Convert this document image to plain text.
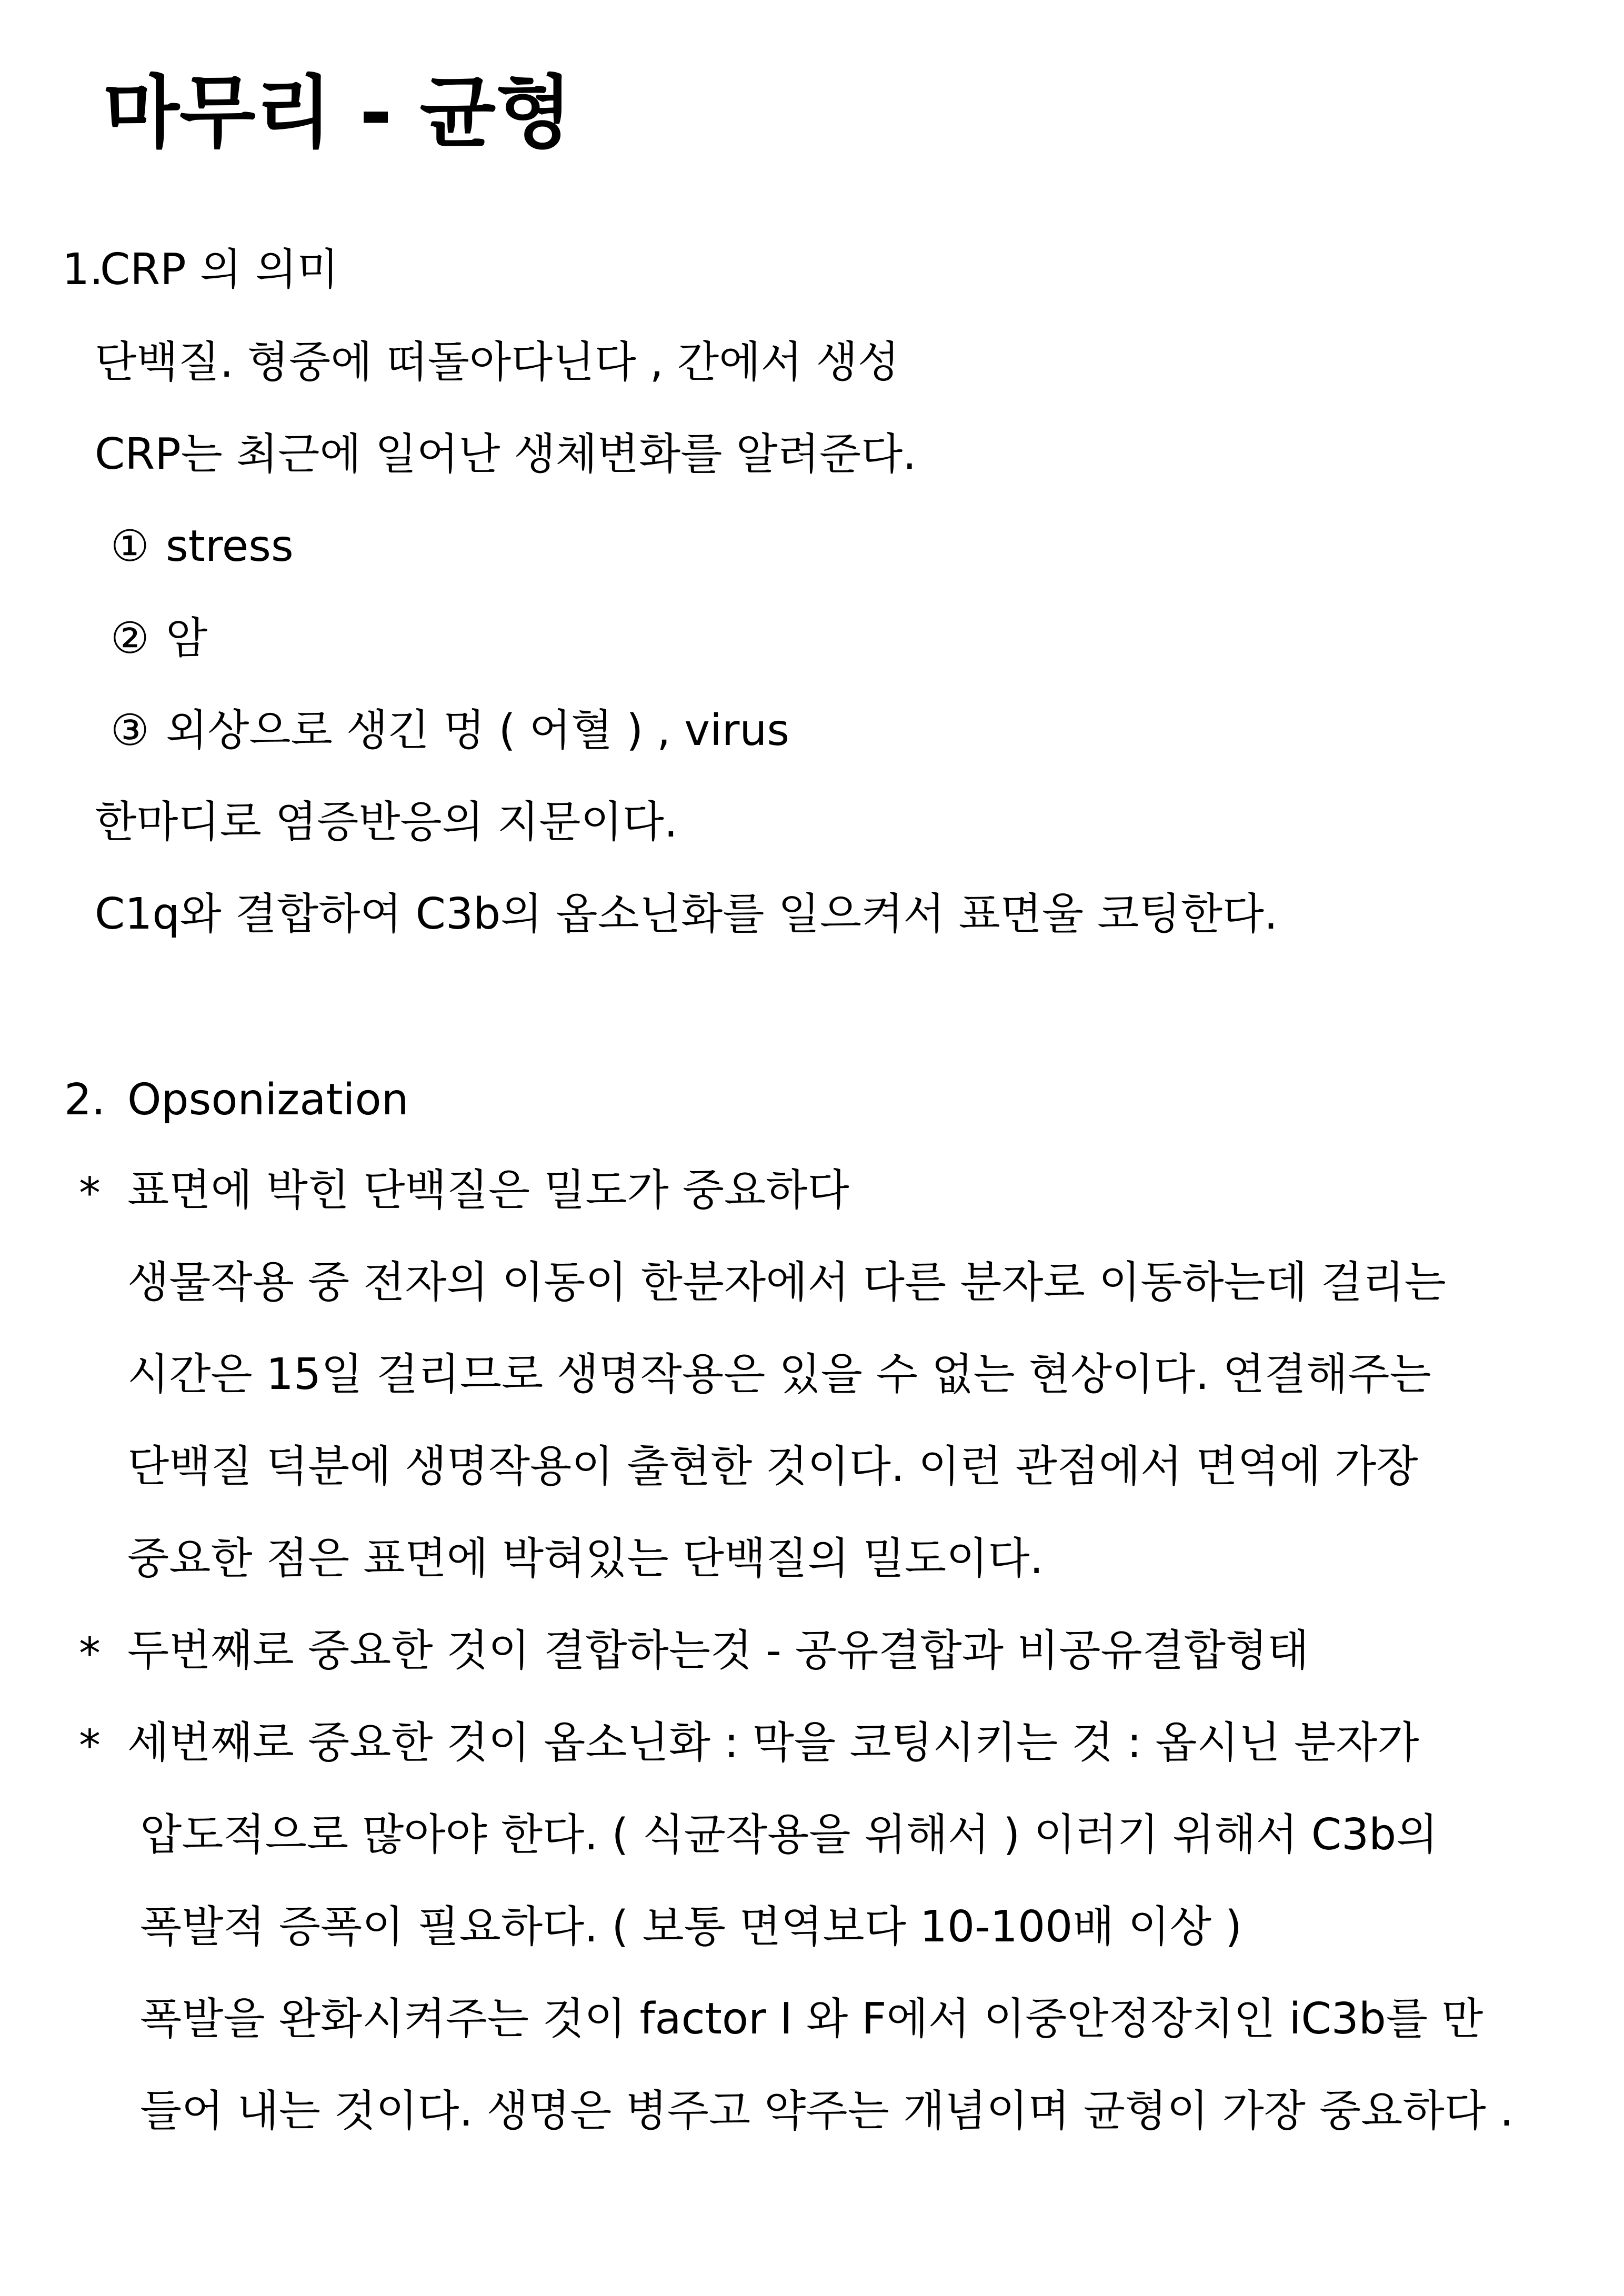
마무리 - 균형
1.
CRP 의 의미
단백질. 형중에 떠돌아다닌다 , 간에서 생성
CRP는 최근에 일어난 생체변화를 알려준다.
① stress
② 암
③ 외상으로 생긴 멍 ( 어혈 ) , virus
한마디로 염증반응의 지문이다.
C1q와 결합하여 C3b의 옵소닌화를 일으켜서 표면울 코팅한다.
2. Opsonization
* 표면에 박힌 단백질은 밀도가 중요하다
생물작용 중 전자의 이동이 한분자에서 다른 분자로 이동하는데 걸리는
시간은 15일 걸리므로 생명작용은 있을 수 없는 현상이다. 연결해주는
단백질 덕분에 생명작용이 출현한 것이다. 이런 관점에서 면역에 가장
중요한 점은 표면에 박혀있는 단백질의 밀도이다.
* 두번째로 중요한 것이 결합하는것 - 공유결합과 비공유결합형태
* 세번째로 중요한 것이 옵소닌화 : 막을 코팅시키는 것 : 옵시닌 분자가
압도적으로 많아야 한다. ( 식균작용을 위해서 ) 이러기 위해서 C3b의
폭발적 증폭이 필요하다. ( 보통 면역보다 10-100배 이상 )
폭발을 완화시켜주는 것이 factor I 와 F에서 이중안정장치인 iC3b를 만
들어 내는 것이다. 생명은 병주고 약주는 개념이며 균형이 가장 중요하다 .
